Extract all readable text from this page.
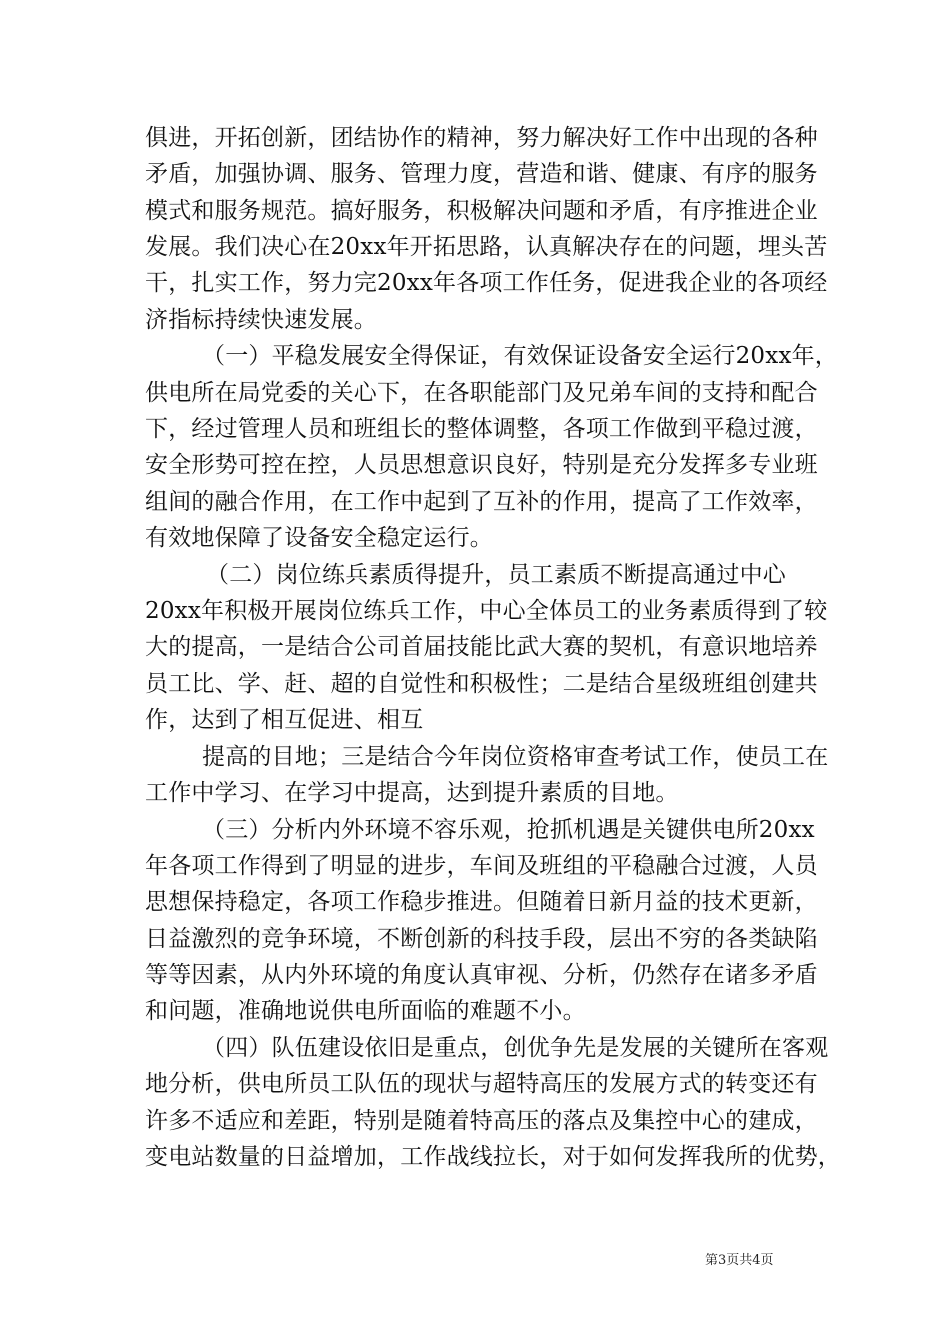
俱进，开拓创新，团结协作的精神，努力解决好工作中出现的各种
矛盾，加强协调、服务、管理力度，营造和谐、健康、有序的服务
模式和服务规范。搞好服务，积极解决问题和矛盾，有序推进企业
发展。我们决心在20xx年开拓思路，认真解决存在的问题，埋头苦
干，扎实工作，努力完20xx年各项工作任务，促进我企业的各项经
济指标持续快速发展。
（一）平稳发展安全得保证，有效保证设备安全运行20xx年，
供电所在局党委的关心下，在各职能部门及兄弟车间的支持和配合
下，经过管理人员和班组长的整体调整，各项工作做到平稳过渡，
安全形势可控在控，人员思想意识良好，特别是充分发挥多专业班
组间的融合作用，在工作中起到了互补的作用，提高了工作效率，
有效地保障了设备安全稳定运行。
（二）岗位练兵素质得提升，员工素质不断提高通过中心
20xx年积极开展岗位练兵工作，中心全体员工的业务素质得到了较
大的提高，一是结合公司首届技能比武大赛的契机，有意识地培养
员工比、学、赶、超的自觉性和积极性；二是结合星级班组创建共
作，达到了相互促进、相互
提高的目地；三是结合今年岗位资格审查考试工作，使员工在
工作中学习、在学习中提高，达到提升素质的目地。
（三）分析内外环境不容乐观，抢抓机遇是关键供电所20xx
年各项工作得到了明显的进步，车间及班组的平稳融合过渡，人员
思想保持稳定，各项工作稳步推进。但随着日新月益的技术更新，
日益激烈的竞争环境，不断创新的科技手段，层出不穷的各类缺陷
等等因素，从内外环境的角度认真审视、分析，仍然存在诸多矛盾
和问题，准确地说供电所面临的难题不小。
（四）队伍建设依旧是重点，创优争先是发展的关键所在客观
地分析，供电所员工队伍的现状与超特高压的发展方式的转变还有
许多不适应和差距，特别是随着特高压的落点及集控中心的建成，
变电站数量的日益增加，工作战线拉长，对于如何发挥我所的优势，
第3页共4页
